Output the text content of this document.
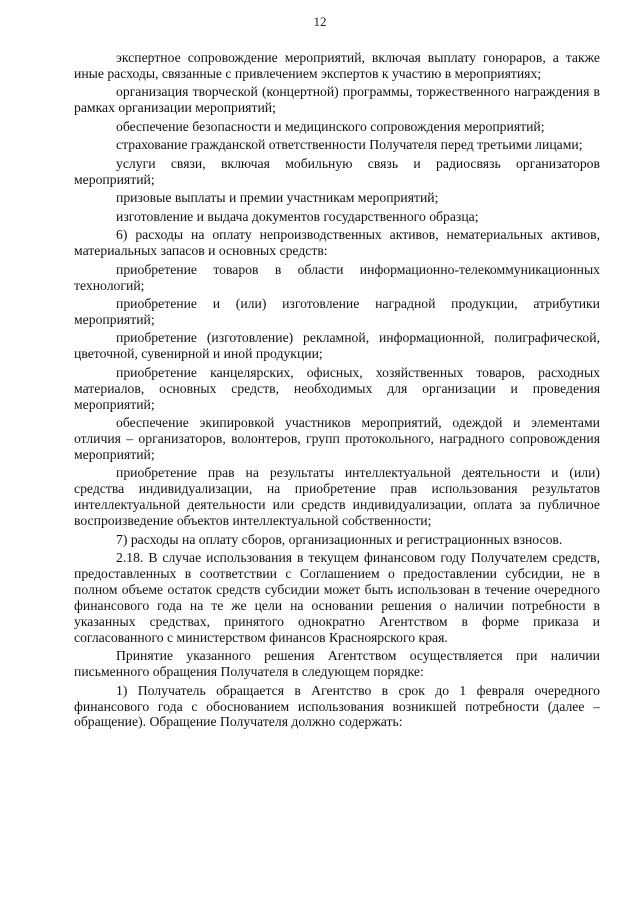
12

экспертное сопровождение мероприятий, включая выплату гонораров, а также иные расходы, связанные с привлечением экспертов к участию в мероприятиях;

организация творческой (концертной) программы, торжественного награждения в рамках организации мероприятий;

обеспечение безопасности и медицинского сопровождения мероприятий;

страхование гражданской ответственности Получателя перед третьими лицами;

услуги связи, включая мобильную связь и радиосвязь организаторов мероприятий;

призовые выплаты и премии участникам мероприятий;

изготовление и выдача документов государственного образца;

6) расходы на оплату непроизводственных активов, нематериальных активов, материальных запасов и основных средств:

приобретение товаров в области информационно-телекоммуникационных технологий;

приобретение и (или) изготовление наградной продукции, атрибутики мероприятий;

приобретение (изготовление) рекламной, информационной, полиграфической, цветочной, сувенирной и иной продукции;

приобретение канцелярских, офисных, хозяйственных товаров, расходных материалов, основных средств, необходимых для организации и проведения мероприятий;

обеспечение экипировкой участников мероприятий, одеждой и элементами отличия – организаторов, волонтеров, групп протокольного, наградного сопровождения мероприятий;

приобретение прав на результаты интеллектуальной деятельности и (или) средства индивидуализации, на приобретение прав использования результатов интеллектуальной деятельности или средств индивидуализации, оплата за публичное воспроизведение объектов интеллектуальной собственности;

7) расходы на оплату сборов, организационных и регистрационных взносов.

2.18. В случае использования в текущем финансовом году Получателем средств, предоставленных в соответствии с Соглашением о предоставлении субсидии, не в полном объеме остаток средств субсидии может быть использован в течение очередного финансового года на те же цели на основании решения о наличии потребности в указанных средствах, принятого однократно Агентством в форме приказа и согласованного с министерством финансов Красноярского края.

Принятие указанного решения Агентством осуществляется при наличии письменного обращения Получателя в следующем порядке:

1) Получатель обращается в Агентство в срок до 1 февраля очередного финансового года с обоснованием использования возникшей потребности (далее – обращение). Обращение Получателя должно содержать:
